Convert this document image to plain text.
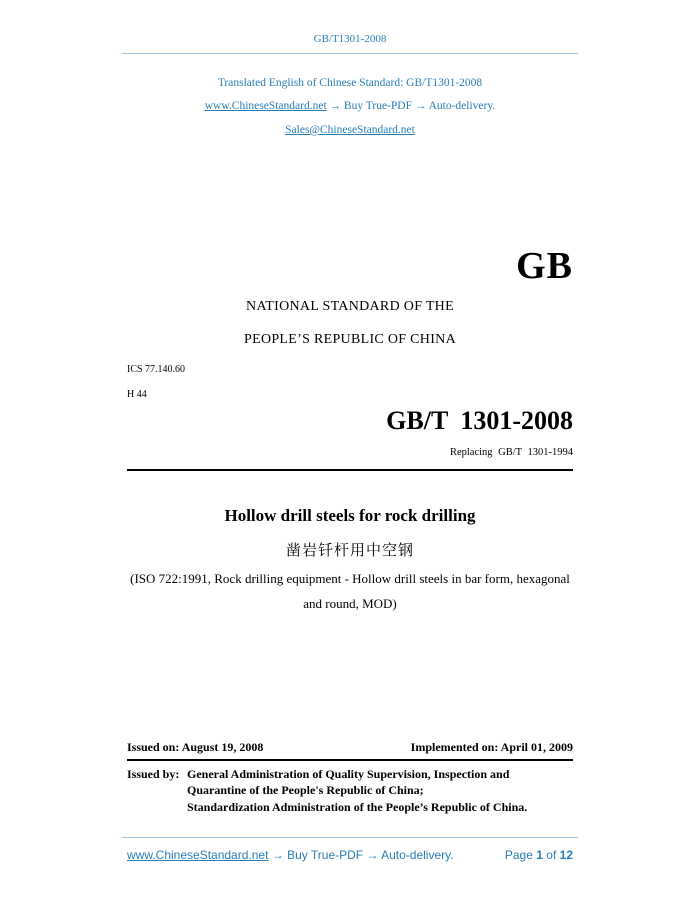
GB/T1301-2008
Translated English of Chinese Standard: GB/T1301-2008
www.ChineseStandard.net → Buy True-PDF → Auto-delivery.
Sales@ChineseStandard.net
GB
NATIONAL STANDARD OF THE
PEOPLE’S REPUBLIC OF CHINA
ICS 77.140.60
H 44
GB/T 1301-2008
Replacing GB/T 1301-1994
Hollow drill steels for rock drilling
凿岩钎杆用中空钢
(ISO 722:1991, Rock drilling equipment - Hollow drill steels in bar form, hexagonal
and round, MOD)
Issued on: August 19, 2008	Implemented on: April 01, 2009
Issued by: General Administration of Quality Supervision, Inspection and
Quarantine of the People's Republic of China;
Standardization Administration of the People’s Republic of China.
www.ChineseStandard.net → Buy True-PDF → Auto-delivery.	Page 1 of 12
